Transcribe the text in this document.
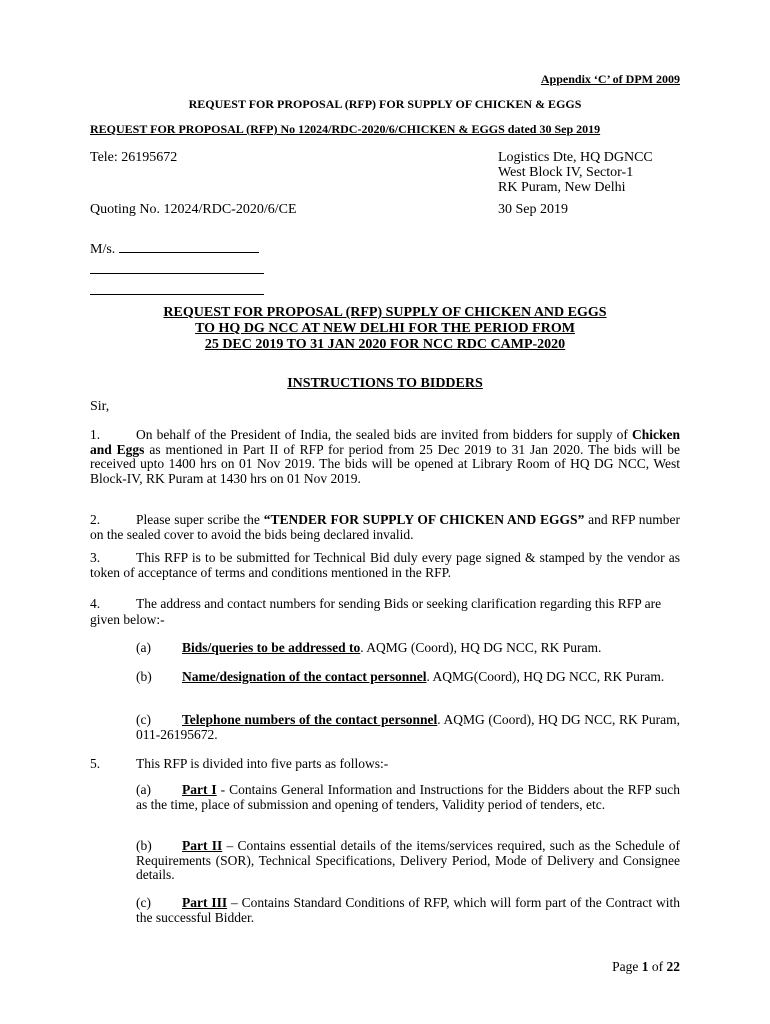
Appendix ‘C’ of DPM 2009
REQUEST FOR PROPOSAL (RFP) FOR SUPPLY OF CHICKEN & EGGS
REQUEST FOR PROPOSAL (RFP) No 12024/RDC-2020/6/CHICKEN & EGGS dated 30 Sep 2019
Tele: 26195672	Logistics Dte, HQ DGNCC
West Block IV, Sector-1
RK Puram, New Delhi
Quoting No. 12024/RDC-2020/6/CE	30 Sep 2019
M/s.
REQUEST FOR PROPOSAL (RFP) SUPPLY OF CHICKEN AND EGGS
TO HQ DG NCC AT NEW DELHI FOR THE PERIOD FROM
25 DEC 2019 TO 31 JAN 2020 FOR NCC RDC CAMP-2020
INSTRUCTIONS TO BIDDERS
Sir,
1.	On behalf of the President of India, the sealed bids are invited from bidders for supply of Chicken and Eggs as mentioned in Part II of RFP for period from 25 Dec 2019 to 31 Jan 2020. The bids will be received upto 1400 hrs on 01 Nov 2019. The bids will be opened at Library Room of HQ DG NCC, West Block-IV, RK Puram at 1430 hrs on 01 Nov 2019.
2.	Please super scribe the “TENDER FOR SUPPLY OF CHICKEN AND EGGS” and RFP number on the sealed cover to avoid the bids being declared invalid.
3.	This RFP is to be submitted for Technical Bid duly every page signed & stamped by the vendor as token of acceptance of terms and conditions mentioned in the RFP.
4.	The address and contact numbers for sending Bids or seeking clarification regarding this RFP are given below:-
(a) Bids/queries to be addressed to. AQMG (Coord), HQ DG NCC, RK Puram.
(b) Name/designation of the contact personnel. AQMG(Coord), HQ DG NCC, RK Puram.
(c) Telephone numbers of the contact personnel. AQMG (Coord), HQ DG NCC, RK Puram, 011-26195672.
5.	This RFP is divided into five parts as follows:-
(a) Part I - Contains General Information and Instructions for the Bidders about the RFP such as the time, place of submission and opening of tenders, Validity period of tenders, etc.
(b) Part II – Contains essential details of the items/services required, such as the Schedule of Requirements (SOR), Technical Specifications, Delivery Period, Mode of Delivery and Consignee details.
(c) Part III – Contains Standard Conditions of RFP, which will form part of the Contract with the successful Bidder.
Page 1 of 22
